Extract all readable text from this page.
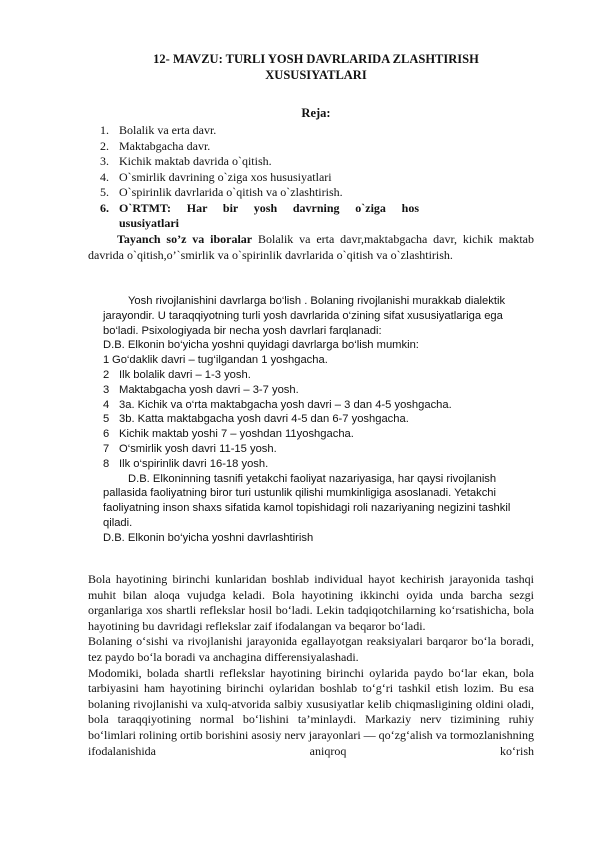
12- MAVZU: TURLI YOSH DAVRLARIDA ZLASHTIRISH
XUSUSIYATLARI
Reja:
1. Bolalik va erta davr.
2. Maktabgacha davr.
3. Kichik maktab davrida o`qitish.
4. O`smirlik davrining o`ziga xos hususiyatlari
5. O`spirinlik davrlarida o`qitish va o`zlashtirish.
6. O`RTMT: Har bir yosh davrning o`ziga hos
ususiyatlari
Tayanch so’z va iboralar Bolalik va erta davr,maktabgacha davr, kichik maktab davrida o`qitish,o’`smirlik va o`spirinlik davrlarida o`qitish va o`zlashtirish.

Yosh rivojlanishini davrlarga bo‘lish . Bolaning rivojlanishi murakkab dialektik jarayondir. U taraqqiyotning turli yosh davrlarida o‘zining sifat xususiyatlariga ega bo‘ladi. Psixologiyada bir necha yosh davrlari farqlanadi:

D.B. Elkonin bo‘yicha yoshni quyidagi davrlarga bo‘lish mumkin:

1 Go‘daklik davri – tug‘ilgandan 1 yoshgacha.
2 Ilk bolalik davri – 1-3 yosh.
3 Maktabgacha yosh davri – 3-7 yosh.
4 3a. Kichik va o‘rta maktabgacha yosh davri – 3 dan 4-5 yoshgacha.
5 3b. Katta maktabgacha yosh davri 4-5 dan 6-7 yoshgacha.
6 Kichik maktab yoshi 7 – yoshdan 11yoshgacha.
7 O‘smirlik yosh davri 11-15 yosh.
8 Ilk o‘spirinlik davri 16-18 yosh.

D.B. Elkoninning tasnifi yetakchi faoliyat nazariyasiga, har qaysi rivojlanish pallasida faoliyatning biror turi ustunlik qilishi mumkinligiga asoslanadi. Yetakchi faoliyatning inson shaxs sifatida kamol topishidagi roli nazariyaning negizini tashkil qiladi.

D.B. Elkonin bo‘yicha yoshni davrlashtirish

Bola hayotining birinchi kunlaridan boshlab individual hayot kechirish jarayonida tashqi muhit bilan aloqa vujudga keladi. Bola hayotining ikkinchi oyida unda barcha sezgi organlariga xos shartli reflekslar hosil bo‘ladi. Lekin tadqiqotchilarning ko‘rsatishicha, bola hayotining bu davridagi reflekslar zaif ifodalangan va beqaror bo‘ladi.

Bolaning o‘sishi va rivojlanishi jarayonida egallayotgan reaksiyalari barqaror bo‘la boradi, tez paydo bo‘la boradi va anchagina differensiyalashadi.

Modomiki, bolada shartli reflekslar hayotining birinchi oylarida paydo bo‘lar ekan, bola tarbiyasini ham hayotining birinchi oylaridan boshlab to‘g‘ri tashkil etish lozim. Bu esa bolaning rivojlanishi va xulq-atvorida salbiy xususiyatlar kelib chiqmasligining oldini oladi, bola taraqqiyotining normal bo‘lishini ta’minlaydi. Markaziy nerv tizimining ruhiy bo‘limlari rolining ortib borishini asosiy nerv jarayonlari — qo‘zg‘alish va tormozlanishning ifodalanishida aniqroq ko‘rish
